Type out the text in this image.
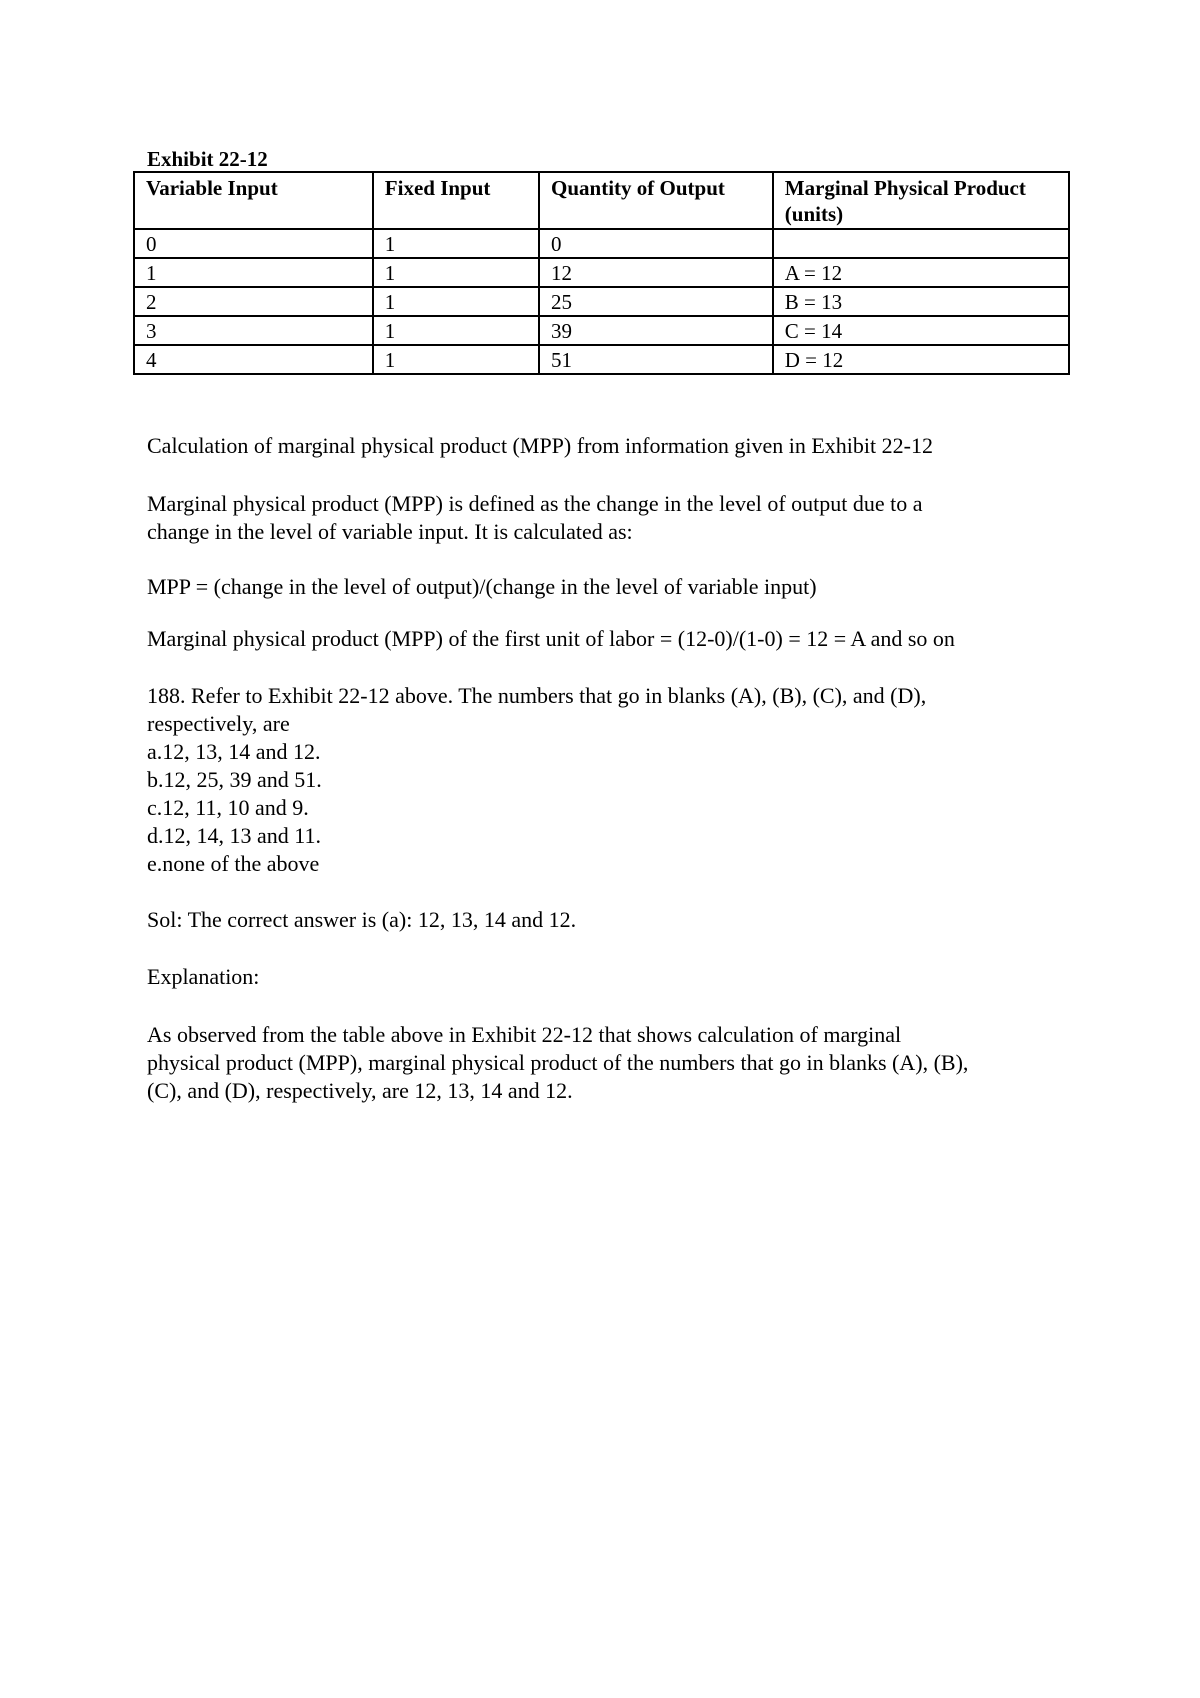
Exhibit 22-12

Variable Input	Fixed Input	Quantity of Output	Marginal Physical Product (units)
0	1	0	
1	1	12	A = 12
2	1	25	B = 13
3	1	39	C = 14
4	1	51	D = 12

Calculation of marginal physical product (MPP) from information given in Exhibit 22-12

Marginal physical product (MPP) is defined as the change in the level of output due to a

change in the level of variable input. It is calculated as:

MPP = (change in the level of output)/(change in the level of variable input)

Marginal physical product (MPP) of the first unit of labor = (12-0)/(1-0) = 12 = A and so on

188. Refer to Exhibit 22-12 above. The numbers that go in blanks (A), (B), (C), and (D),

respectively, are

a.12, 13, 14 and 12.

b.12, 25, 39 and 51.

c.12, 11, 10 and 9.

d.12, 14, 13 and 11.

e.none of the above

Sol: The correct answer is (a): 12, 13, 14 and 12.

Explanation:

As observed from the table above in Exhibit 22-12 that shows calculation of marginal

physical product (MPP), marginal physical product of the numbers that go in blanks (A), (B),

(C), and (D), respectively, are 12, 13, 14 and 12.
